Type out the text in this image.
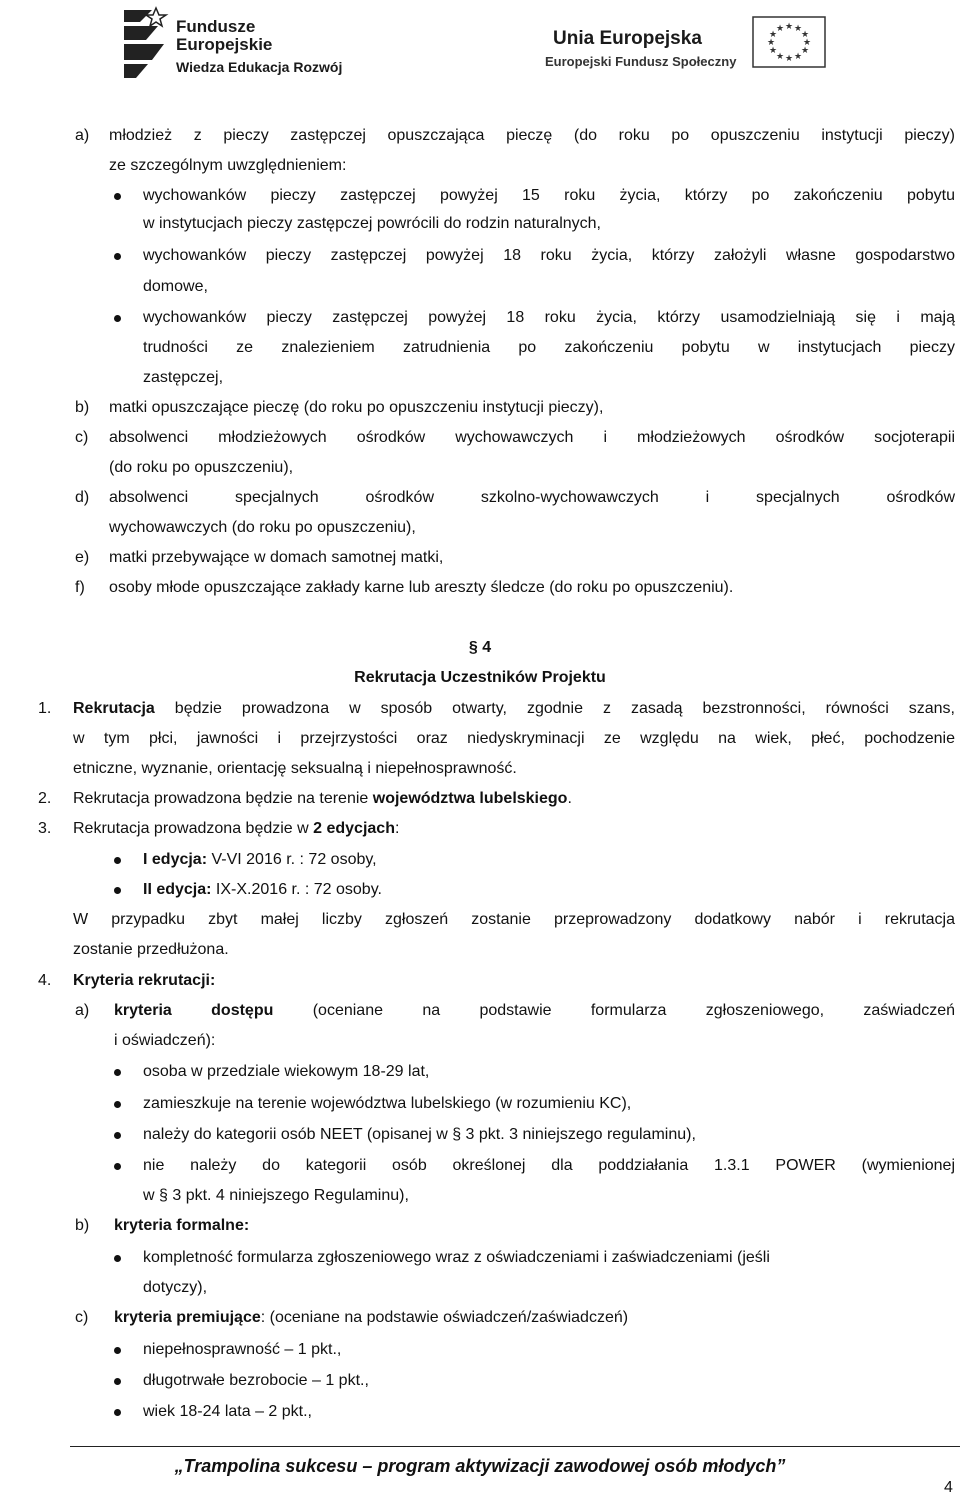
Fundusze
Europejskie
Wiedza Edukacja Rozwój
Unia Europejska
Europejski Fundusz Społeczny
★ ★
★
★
★
★
★
★
★
★
★
★
a) młodzież z pieczy zastępczej opuszczająca pieczę (do roku po opuszczeniu instytucji pieczy)
ze szczególnym uwzględnieniem:
wychowanków pieczy zastępczej powyżej 15 roku życia, którzy po zakończeniu pobytu
w instytucjach pieczy zastępczej powrócili do rodzin naturalnych,
wychowanków pieczy zastępczej powyżej 18 roku życia, którzy założyli własne gospodarstwo
domowe,
wychowanków pieczy zastępczej powyżej 18 roku życia, którzy usamodzielniają się i mają
trudności ze znalezieniem zatrudnienia po zakończeniu pobytu w instytucjach pieczy
zastępczej,
b) matki opuszczające pieczę (do roku po opuszczeniu instytucji pieczy),
c) absolwenci młodzieżowych ośrodków wychowawczych i młodzieżowych ośrodków socjoterapii
(do roku po opuszczeniu),
d) absolwenci specjalnych ośrodków szkolno-wychowawczych i specjalnych ośrodków
wychowawczych (do roku po opuszczeniu),
e) matki przebywające w domach samotnej matki,
f) osoby młode opuszczające zakłady karne lub areszty śledcze (do roku po opuszczeniu).
§ 4
Rekrutacja Uczestników Projektu
1. Rekrutacja będzie prowadzona w sposób otwarty, zgodnie z zasadą bezstronności, równości szans,
w tym płci, jawności i przejrzystości oraz niedyskryminacji ze względu na wiek, płeć, pochodzenie
etniczne, wyznanie, orientację seksualną i niepełnosprawność.
2. Rekrutacja prowadzona będzie na terenie województwa lubelskiego.
3. Rekrutacja prowadzona będzie w 2 edycjach:
I edycja: V-VI 2016 r. : 72 osoby,
II edycja: IX-X.2016 r. : 72 osoby.
W przypadku zbyt małej liczby zgłoszeń zostanie przeprowadzony dodatkowy nabór i rekrutacja
zostanie przedłużona.
4. Kryteria rekrutacji:
a) kryteria dostępu (oceniane na podstawie formularza zgłoszeniowego, zaświadczeń
i oświadczeń):
osoba w przedziale wiekowym 18-29 lat,
zamieszkuje na terenie województwa lubelskiego (w rozumieniu KC),
należy do kategorii osób NEET (opisanej w § 3 pkt. 3 niniejszego regulaminu),
nie należy do kategorii osób określonej dla poddziałania 1.3.1 POWER (wymienionej
w § 3 pkt. 4 niniejszego Regulaminu),
b) kryteria formalne:
kompletność formularza zgłoszeniowego wraz z oświadczeniami i zaświadczeniami (jeśli
dotyczy),
c) kryteria premiujące: (oceniane na podstawie oświadczeń/zaświadczeń)
niepełnosprawność – 1 pkt.,
długotrwałe bezrobocie – 1 pkt.,
wiek 18-24 lata – 2 pkt.,
„Trampolina sukcesu – program aktywizacji zawodowej osób młodych”
4
